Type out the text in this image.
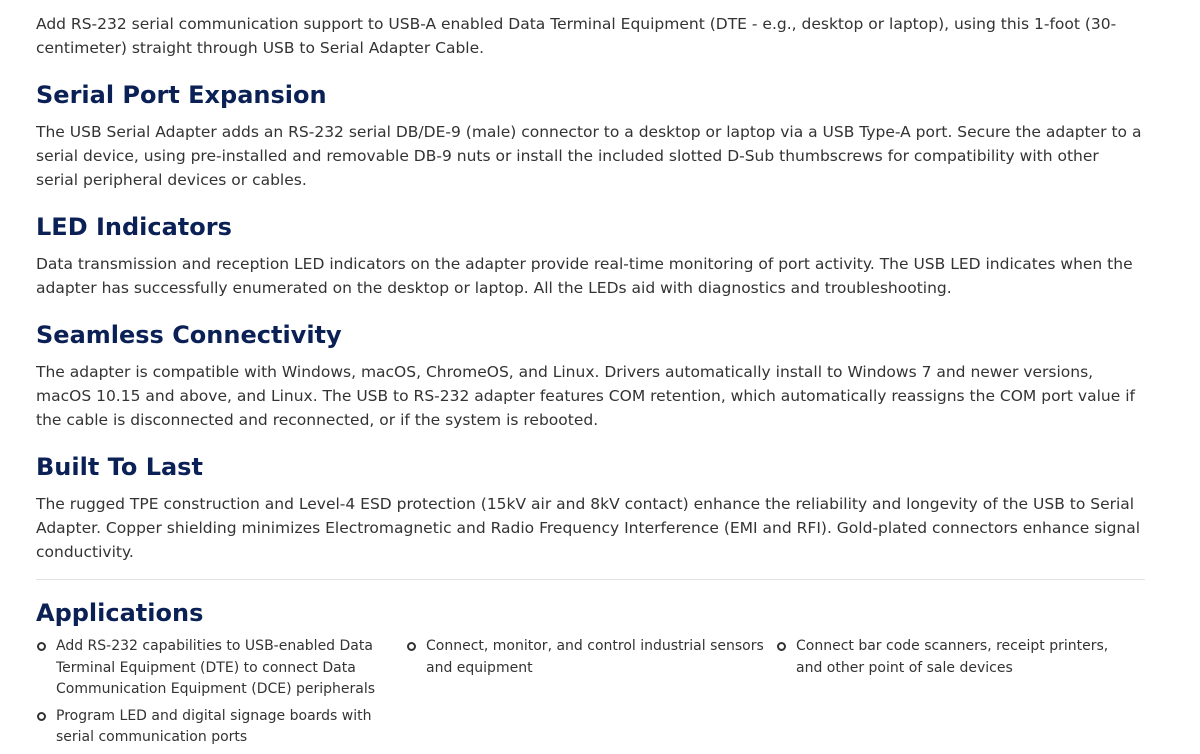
Add RS-232 serial communication support to USB-A enabled Data Terminal Equipment (DTE - e.g., desktop or laptop), using this 1-foot (30-centimeter) straight through USB to Serial Adapter Cable.

Serial Port Expansion

The USB Serial Adapter adds an RS-232 serial DB/DE-9 (male) connector to a desktop or laptop via a USB Type-A port. Secure the adapter to a serial device, using pre-installed and removable DB-9 nuts or install the included slotted D-Sub thumbscrews for compatibility with other serial peripheral devices or cables.

LED Indicators

Data transmission and reception LED indicators on the adapter provide real-time monitoring of port activity. The USB LED indicates when the adapter has successfully enumerated on the desktop or laptop. All the LEDs aid with diagnostics and troubleshooting.

Seamless Connectivity

The adapter is compatible with Windows, macOS, ChromeOS, and Linux. Drivers automatically install to Windows 7 and newer versions, macOS 10.15 and above, and Linux. The USB to RS-232 adapter features COM retention, which automatically reassigns the COM port value if the cable is disconnected and reconnected, or if the system is rebooted.

Built To Last

The rugged TPE construction and Level-4 ESD protection (15kV air and 8kV contact) enhance the reliability and longevity of the USB to Serial Adapter. Copper shielding minimizes Electromagnetic and Radio Frequency Interference (EMI and RFI). Gold-plated connectors enhance signal conductivity.

Applications
Add RS-232 capabilities to USB-enabled Data Terminal Equipment (DTE) to connect Data Communication Equipment (DCE) peripherals
Program LED and digital signage boards with serial communication ports
Connect, monitor, and control industrial sensors and equipment
Connect bar code scanners, receipt printers, and other point of sale devices
